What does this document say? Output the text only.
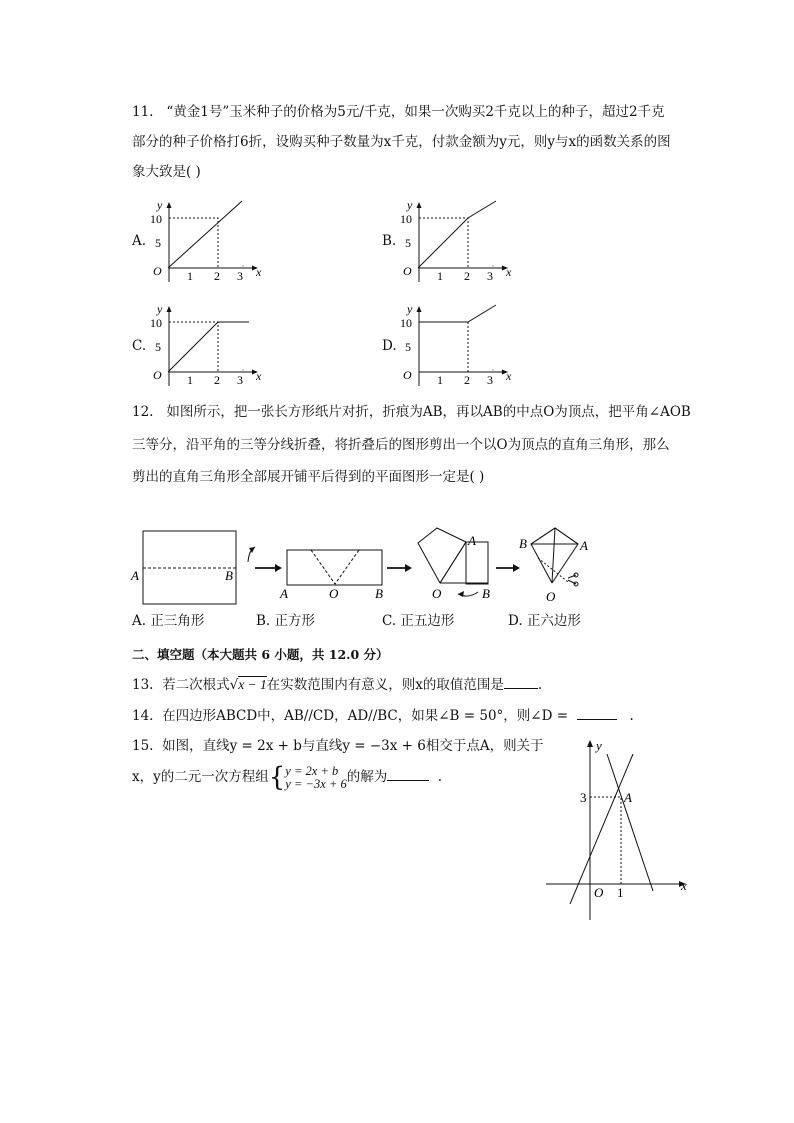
11. “黄金1号”玉米种子的价格为5元/千克，如果一次购买2千克以上的种子，超过2千克
部分的种子价格打6折，设购买种子数量为x千克，付款金额为y元，则y与x的函数关系的图
象大致是( )
A.	B.
C.	D.
y
10
5
O 1 2 3 x
y
10
5
O 1 2 3 x
y
10
5
O 1 2 3 x
y
10
5
O 1 2 3 x
12. 如图所示，把一张长方形纸片对折，折痕为AB，再以AB的中点O为顶点，把平角∠AOB
三等分，沿平角的三等分线折叠，将折叠后的图形剪出一个以O为顶点的直角三角形，那么
剪出的直角三角形全部展开铺平后得到的平面图形一定是( )
A	B
A	O	B
A
O	B
B	A
O
A. 正三角形	B. 正方形	C. 正五边形	D. 正六边形
二、填空题（本大题共 6 小题，共 12.0 分）
13. 若二次根式√x − 1在实数范围内有意义，则x的取值范围是	.
14. 在四边形ABCD中，AB//CD，AD//BC，如果∠B = 50°，则∠D =	.
15. 如图，直线y = 2x + b与直线y = −3x + 6相交于点A，则关于
x，y的二元一次方程组{y = 2x + b
y = −3x + 6的解为	.
y
x
O
3
1
A
